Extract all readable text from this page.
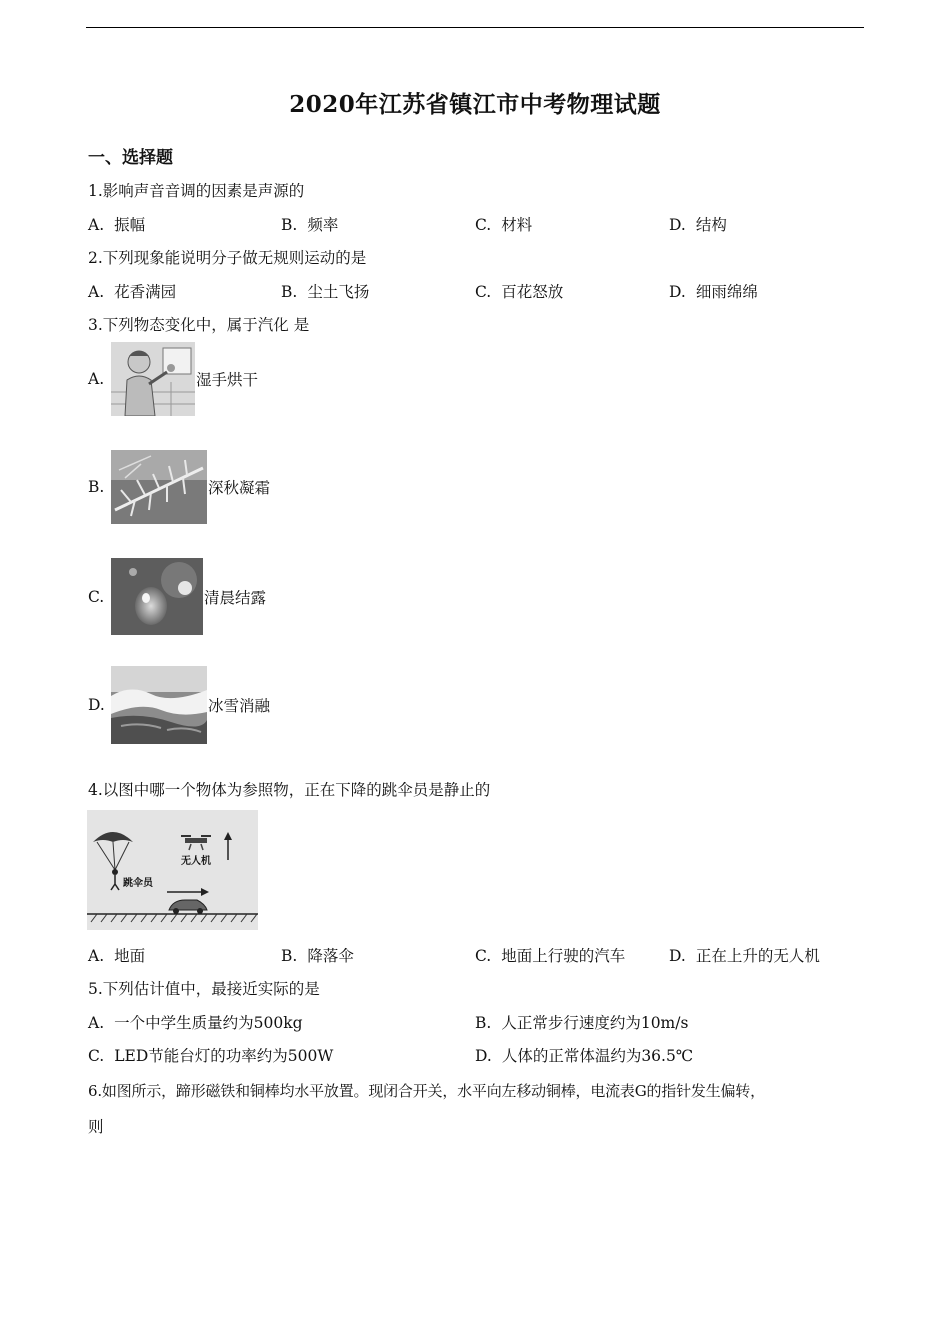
2020年江苏省镇江市中考物理试题
一、选择题
1.影响声音音调的因素是声源的
A. 振幅	B. 频率	C. 材料	D. 结构
2.下列现象能说明分子做无规则运动的是
A. 花香满园	B. 尘土飞扬	C. 百花怒放	D. 细雨绵绵
3.下列物态变化中，属于汽化 是
A.	湿手烘干
B.	深秋凝霜
C.	清晨结露
D.	冰雪消融
4.以图中哪一个物体为参照物，正在下降的跳伞员是静止的
无人机
跳伞员
A. 地面	B. 降落伞	C. 地面上行驶的汽车	D. 正在上升的无人机
5.下列估计值中，最接近实际的是
A. 一个中学生质量约为500kg	B. 人正常步行速度约为10m/s
C. LED节能台灯的功率约为500W	D. 人体的正常体温约为36.5℃
6.如图所示，蹄形磁铁和铜棒均水平放置。现闭合开关，水平向左移动铜棒，电流表G的指针发生偏转，
则
